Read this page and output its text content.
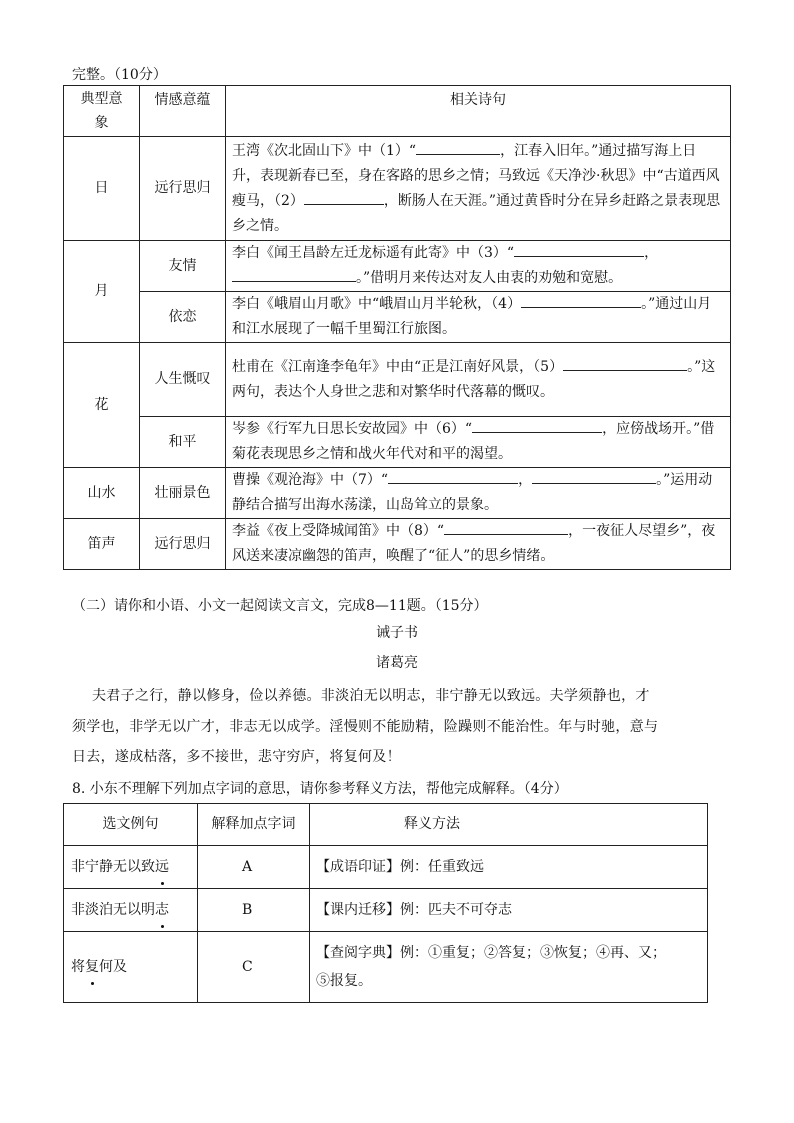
完整。（10分）
典型意象	情感意蕴	相关诗句
日	远行思归	王湾《次北固山下》中（1）“ ，江春入旧年。”通过描写海上日升，表现新春已至，身在客路的思乡之情；马致远《天净沙·秋思》中“古道西风瘦马，（2） ，断肠人在天涯。”通过黄昏时分在异乡赶路之景表现思乡之情。
月	友情	李白《闻王昌龄左迁龙标遥有此寄》中（3）“ ，。”借明月来传达对友人由衷的劝勉和宽慰。
	依恋	李白《峨眉山月歌》中“峨眉山月半轮秋，（4） 。”通过山月和江水展现了一幅千里蜀江行旅图。
花	人生慨叹	杜甫在《江南逢李龟年》中由“正是江南好风景，（5） 。”这两句，表达个人身世之悲和对繁华时代落幕的慨叹。
	和平	岑参《行军九日思长安故园》中（6）“ ，应傍战场开。”借菊花表现思乡之情和战火年代对和平的渴望。
山水	壮丽景色	曹操《观沧海》中（7）“ ， 。”运用动静结合描写出海水荡漾，山岛耸立的景象。
笛声	远行思归	李益《夜上受降城闻笛》中（8）“ ，一夜征人尽望乡”，夜风送来凄凉幽怨的笛声，唤醒了“征人”的思乡情绪。
（二）请你和小语、小文一起阅读文言文，完成8—11题。（15分）
诫子书
诸葛亮
夫君子之行，静以修身，俭以养德。非淡泊无以明志，非宁静无以致远。夫学须静也，才
须学也，非学无以广才，非志无以成学。淫慢则不能励精，险躁则不能治性。年与时驰，意与
日去，遂成枯落，多不接世，悲守穷庐，将复何及！
8. 小东不理解下列加点字词的意思，请你参考释义方法，帮他完成解释。（4分）
选文例句	解释加点字词	释义方法
非宁静无以致远	A	【成语印证】例：任重致远
非淡泊无以明志	B	【课内迁移】例：匹夫不可夺志
将复何及	C	【查阅字典】例：①重复；②答复；③恢复；④再、又；
⑤报复。
